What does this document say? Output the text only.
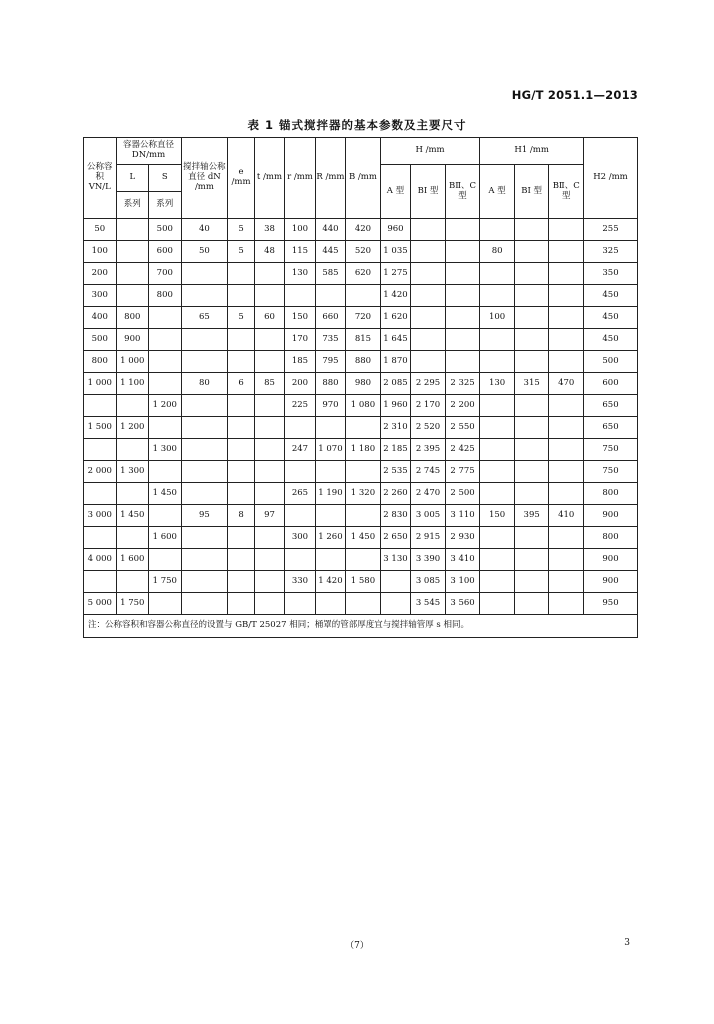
HG/T 2051.1—2013
表 1 锚式搅拌器的基本参数及主要尺寸
公称容积 VN/L	容器公称直径 DN/mm		搅拌轴公称直径 dN /mm	e /mm	t /mm	r /mm	R /mm	B /mm	H /mm			H1 /mm			H2 /mm
	L	S							A 型	BⅠ 型	BⅡ、C 型	A 型	BⅠ 型	BⅡ、C 型	
	系列	系列													
50		500	40	5	38	100	440	420	960						255
100		600	50	5	48	115	445	520	1 035			80			325
200		700				130	585	620	1 275						350
300		800							1 420						450
400	800		65	5	60	150	660	720	1 620			100			450
500	900					170	735	815	1 645						450
800	1 000					185	795	880	1 870						500
1 000	1 100		80	6	85	200	880	980	2 085	2 295	2 325	130	315	470	600
		1 200				225	970	1 080	1 960	2 170	2 200				650
1 500	1 200								2 310	2 520	2 550				650
		1 300				247	1 070	1 180	2 185	2 395	2 425				750
2 000	1 300								2 535	2 745	2 775				750
		1 450				265	1 190	1 320	2 260	2 470	2 500				800
3 000	1 450		95	8	97				2 830	3 005	3 110	150	395	410	900
		1 600				300	1 260	1 450	2 650	2 915	2 930				800
4 000	1 600								3 130	3 390	3 410				900
		1 750				330	1 420	1 580		3 085	3 100				900
5 000	1 750									3 545	3 560				950
注：公称容积和容器公称直径的设置与 GB/T 25027 相同；桶罩的管部厚度宜与搅拌轴管厚 s 相同。															
（7）	3
